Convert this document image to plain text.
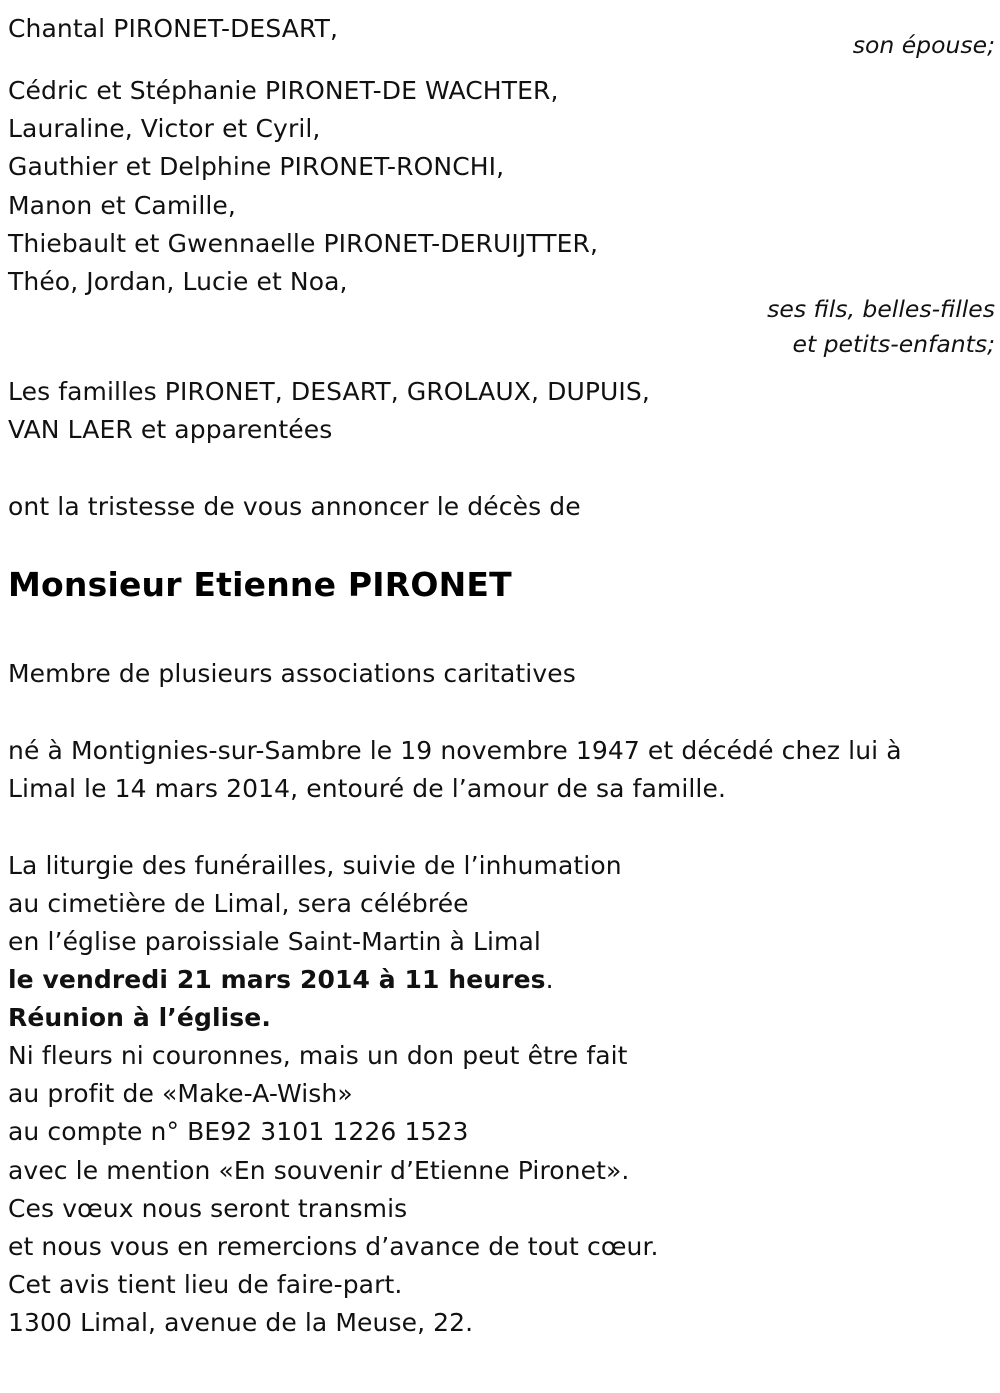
Chantal PIRONET-DESART,
son épouse;
Cédric et Stéphanie PIRONET-DE WACHTER,
Lauraline, Victor et Cyril,
Gauthier et Delphine PIRONET-RONCHI,
Manon et Camille,
Thiebault et Gwennaelle PIRONET-DERUIJTTER,
Théo, Jordan, Lucie et Noa,
ses fils, belles-filles
et petits-enfants;
Les familles PIRONET, DESART, GROLAUX, DUPUIS,
VAN LAER et apparentées
ont la tristesse de vous annoncer le décès de
Monsieur Etienne PIRONET
Membre de plusieurs associations caritatives
né à Montignies-sur-Sambre le 19 novembre 1947 et décédé chez lui à
Limal le 14 mars 2014, entouré de l’amour de sa famille.
La liturgie des funérailles, suivie de l’inhumation
au cimetière de Limal, sera célébrée
en l’église paroissiale Saint-Martin à Limal
le vendredi 21 mars 2014 à 11 heures.
Réunion à l’église.
Ni fleurs ni couronnes, mais un don peut être fait
au profit de «Make-A-Wish»
au compte n° BE92 3101 1226 1523
avec le mention «En souvenir d’Etienne Pironet».
Ces vœux nous seront transmis
et nous vous en remercions d’avance de tout cœur.
Cet avis tient lieu de faire-part.
1300 Limal, avenue de la Meuse, 22.
